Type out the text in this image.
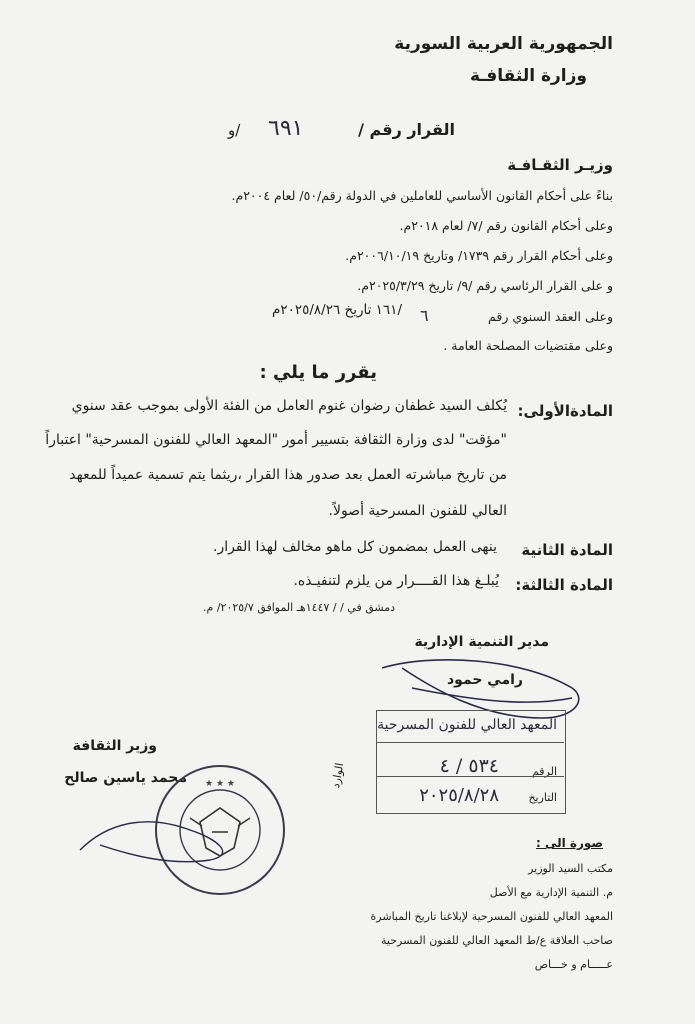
الجمهورية العربية السورية
وزارة الثقافـة
القرار رقم /
٦٩١
/و
وزيـر الثقـافـة
بناءً على أحكام القانون الأساسي للعاملين في الدولة رقم/٥٠/ لعام ٢٠٠٤م.
وعلى أحكام القانون رقم /٧/ لعام ٢٠١٨م.
وعلى أحكام القرار رقم ١٧٣٩/ وتاريخ ٢٠٠٦/١٠/١٩م.
و على القرار الرئاسي رقم /٩/ تاريخ ٢٠٢٥/٣/٢٩م.
وعلى العقد السنوي رقم
٦
/١٦١ تاريخ ٢٠٢٥/٨/٢٦م
وعلى مقتضيات المصلحة العامة .
يقرر ما يلي :
المادةالأولى:
يُكلف السيد غطفان رضوان غنوم العامل من الفئة الأولى بموجب عقد سنوي
"مؤقت" لدى وزارة الثقافة بتسيير أمور "المعهد العالي للفنون المسرحية" اعتباراً
من تاريخ مباشرته العمل بعد صدور هذا القرار ،ريثما يتم تسمية عميداً للمعهد
العالي للفنون المسرحية أصولاً.
المادة الثانية
ينهى العمل بمضمون كل ماهو مخالف لهذا القرار.
المادة الثالثة:
يُبلـغ هذا القــــرار من يلزم لتنفيـذه.
دمشق في / / ١٤٤٧هـ الموافق ٢٠٢٥/٧/ م.
مدير التنمية الإدارية
رامي حمود
المعهد العالي للفنون المسرحية
الوارد	الرقم
٥٣٤ / ٤
التاريخ
٢٠٢٥/٨/٢٨
وزير الثقافة
محمد ياسين صالح ★ ★ ★
صورة الى :
مكتب السيد الوزير
م. التنمية الإدارية مع الأصل
المعهد العالي للفنون المسرحية لإبلاغنا تاريخ المباشرة
صاحب العلاقة ع/ط المعهد العالي للفنون المسرحية
عـــــام و خـــاص
